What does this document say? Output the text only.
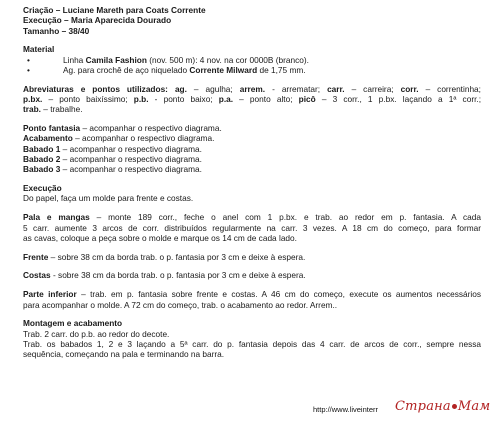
Criação – Luciane Mareth para Coats Corrente

Execução – Maria Aparecida Dourado

Tamanho – 38/40

Material

•	Linha Camila Fashion (nov. 500 m): 4 nov. na cor 0000B (branco).
•	Ag. para crochê de aço niquelado Corrente Milward de 1,75 mm.

Abreviaturas e pontos utilizados: ag. – agulha; arrem. - arrematar; carr. – carreira; corr. – correntinha;

p.bx. – ponto baixíssimo; p.b. - ponto baixo; p.a. – ponto alto; picô – 3 corr., 1 p.bx. laçando a 1ª corr.;

trab. – trabalhe.

Ponto fantasia – acompanhar o respectivo diagrama.

Acabamento – acompanhar o respectivo diagrama.

Babado 1 – acompanhar o respectivo diagrama.

Babado 2 – acompanhar o respectivo diagrama.

Babado 3 – acompanhar o respectivo diagrama.

Execução

Do papel, faça um molde para frente e costas.

Pala e mangas – monte 189 corr., feche o anel com 1 p.bx. e trab. ao redor em p. fantasia. A cada

5 carr. aumente 3 arcos de corr. distribuídos regularmente na carr. 3 vezes. A 18 cm do começo, para formar

as cavas, coloque a peça sobre o molde e marque os 14 cm de cada lado.

Frente – sobre 38 cm da borda trab. o p. fantasia por 3 cm e deixe à espera.

Costas - sobre 38 cm da borda trab. o p. fantasia por 3 cm e deixe à espera.

Parte inferior – trab. em p. fantasia sobre frente e costas. A 46 cm do começo, execute os aumentos necessários

para acompanhar o molde. A 72 cm do começo, trab. o acabamento ao redor. Arrem..

Montagem e acabamento

Trab. 2 carr. do p.b. ao redor do decote.

Trab. os babados 1, 2 e 3 laçando a 5ª carr. do p. fantasia depois das 4 carr. de arcos de corr., sempre nessa

sequência, começando na pala e terminando na barra.

http://www.liveinterr Страна Мам
